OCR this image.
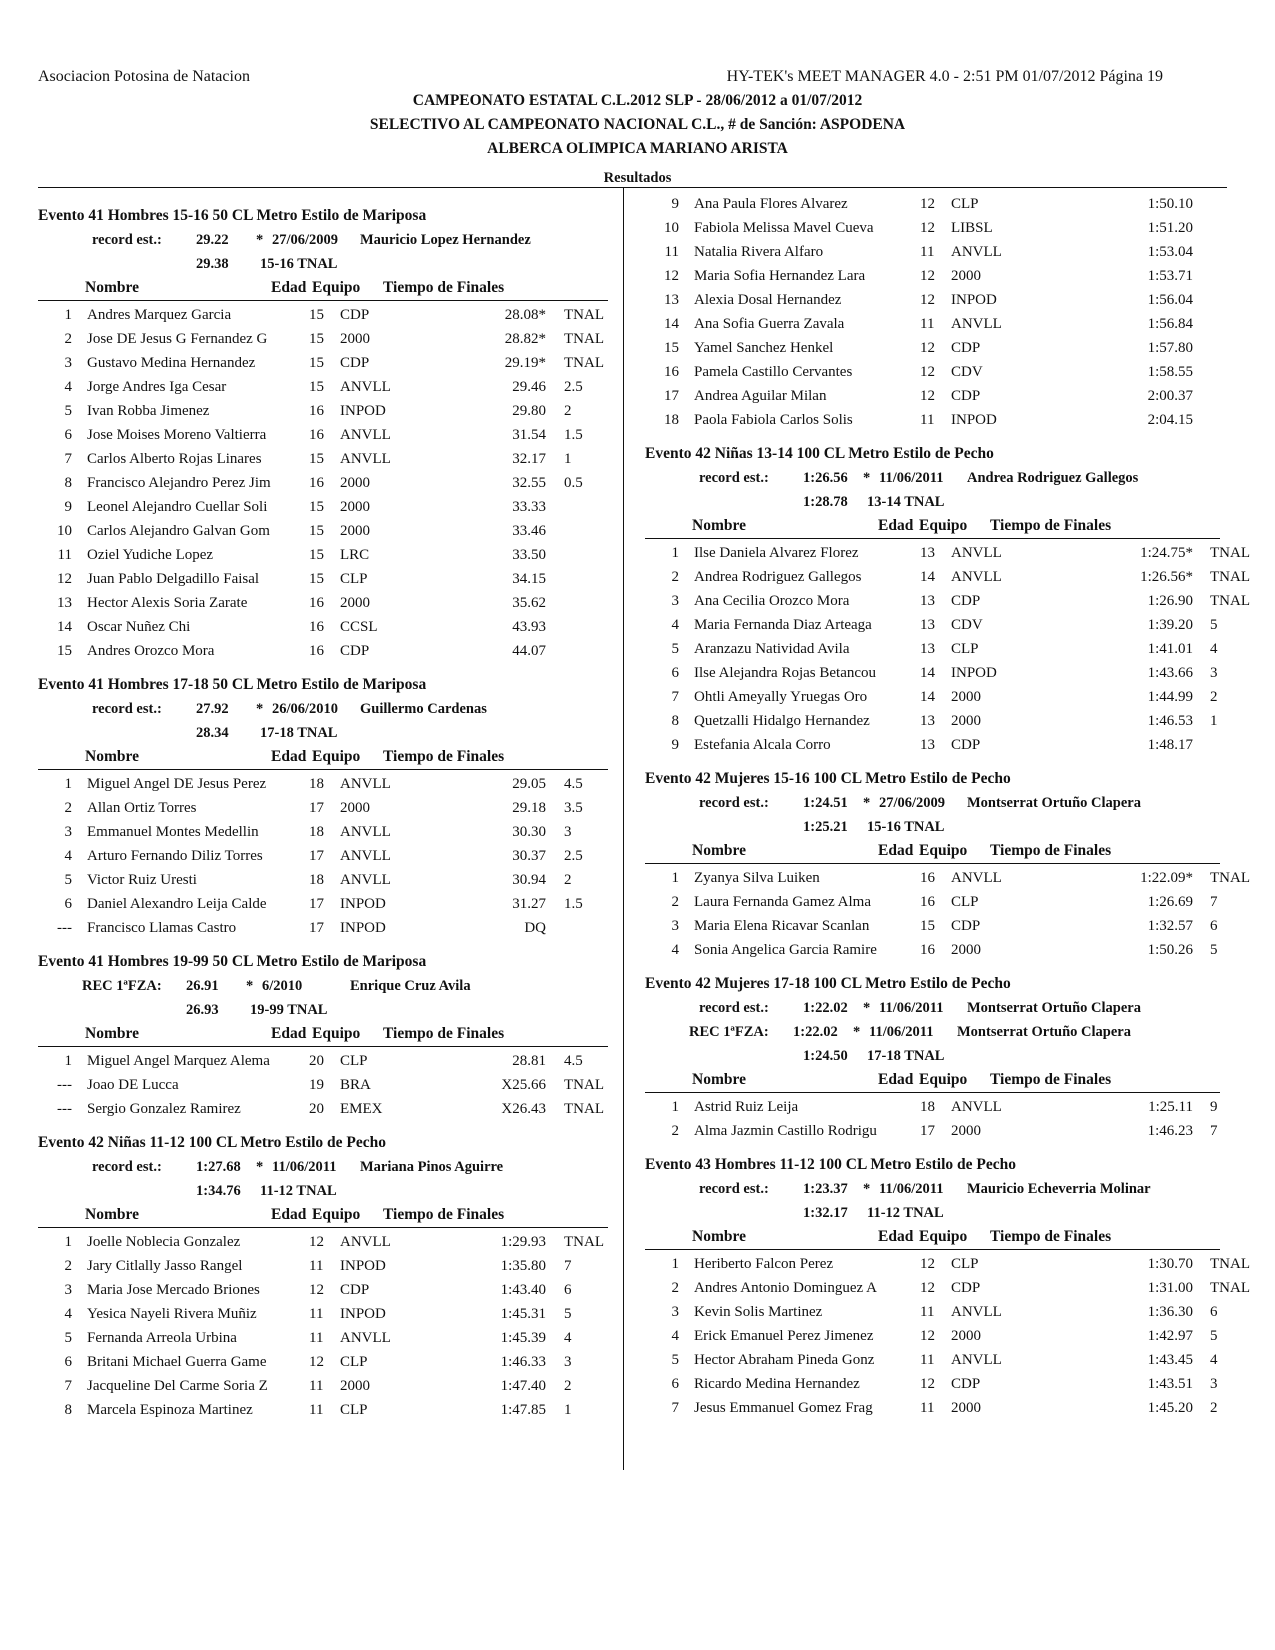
Asociacion Potosina de Natacion	HY-TEK's MEET MANAGER 4.0 - 2:51 PM 01/07/2012 Página 19
CAMPEONATO ESTATAL C.L.2012 SLP - 28/06/2012 a 01/07/2012
SELECTIVO AL CAMPEONATO NACIONAL C.L., # de Sanción: ASPODENA
ALBERCA OLIMPICA MARIANO ARISTA
Resultados
Evento 41 Hombres 15-16 50 CL Metro Estilo de Mariposa
record est.: 29.22 * 27/06/2009 Mauricio Lopez Hernandez
29.38 15-16 TNAL
Nombre	Edad Equipo Tiempo de Finales
1 Andres Marquez Garcia	15 CDP	28.08* TNAL
2 Jose DE Jesus G Fernandez G	15 2000	28.82* TNAL
3 Gustavo Medina Hernandez	15 CDP	29.19* TNAL
4 Jorge Andres Iga Cesar	15 ANVLL	29.46 2.5
5 Ivan Robba Jimenez	16 INPOD	29.80 2
6 Jose Moises Moreno Valtierra	16 ANVLL	31.54 1.5
7 Carlos Alberto Rojas Linares	15 ANVLL	32.17 1
8 Francisco Alejandro Perez Jim	16 2000	32.55 0.5
9 Leonel Alejandro Cuellar Soli	15 2000	33.33
10 Carlos Alejandro Galvan Gom	15 2000	33.46
11 Oziel Yudiche Lopez	15 LRC	33.50
12 Juan Pablo Delgadillo Faisal	15 CLP	34.15
13 Hector Alexis Soria Zarate	16 2000	35.62
14 Oscar Nuñez Chi	16 CCSL	43.93
15 Andres Orozco Mora	16 CDP	44.07
Evento 41 Hombres 17-18 50 CL Metro Estilo de Mariposa
record est.: 27.92 * 26/06/2010 Guillermo Cardenas
28.34 17-18 TNAL
Nombre	Edad Equipo Tiempo de Finales
1 Miguel Angel DE Jesus Perez	18 ANVLL	29.05 4.5
2 Allan Ortiz Torres	17 2000	29.18 3.5
3 Emmanuel Montes Medellin	18 ANVLL	30.30 3
4 Arturo Fernando Diliz Torres	17 ANVLL	30.37 2.5
5 Victor Ruiz Uresti	18 ANVLL	30.94 2
6 Daniel Alexandro Leija Calde	17 INPOD	31.27 1.5
--- Francisco Llamas Castro	17 INPOD	DQ
Evento 41 Hombres 19-99 50 CL Metro Estilo de Mariposa
REC 1ªFZA: 26.91 * 6/2010	Enrique Cruz Avila
26.93 19-99 TNAL
Nombre	Edad Equipo Tiempo de Finales
1 Miguel Angel Marquez Alema	20 CLP	28.81 4.5
--- Joao DE Lucca	19 BRA	X25.66 TNAL
--- Sergio Gonzalez Ramirez	20 EMEX	X26.43 TNAL
Evento 42 Niñas 11-12 100 CL Metro Estilo de Pecho
record est.: 1:27.68 * 11/06/2011 Mariana Pinos Aguirre
1:34.76 11-12 TNAL
Nombre	Edad Equipo Tiempo de Finales
1 Joelle Noblecia Gonzalez	12 ANVLL	1:29.93 TNAL
2 Jary Citlally Jasso Rangel	11 INPOD	1:35.80 7
3 Maria Jose Mercado Briones	12 CDP	1:43.40 6
4 Yesica Nayeli Rivera Muñiz	11 INPOD	1:45.31 5
5 Fernanda Arreola Urbina	11 ANVLL	1:45.39 4
6 Britani Michael Guerra Game	12 CLP	1:46.33 3
7 Jacqueline Del Carme Soria Z	11 2000	1:47.40 2
8 Marcela Espinoza Martinez	11 CLP	1:47.85 1
9 Ana Paula Flores Alvarez	12 CLP	1:50.10
10 Fabiola Melissa Mavel Cueva	12 LIBSL	1:51.20
11 Natalia Rivera Alfaro	11 ANVLL	1:53.04
12 Maria Sofia Hernandez Lara	12 2000	1:53.71
13 Alexia Dosal Hernandez	12 INPOD	1:56.04
14 Ana Sofia Guerra Zavala	11 ANVLL	1:56.84
15 Yamel Sanchez Henkel	12 CDP	1:57.80
16 Pamela Castillo Cervantes	12 CDV	1:58.55
17 Andrea Aguilar Milan	12 CDP	2:00.37
18 Paola Fabiola Carlos Solis	11 INPOD	2:04.15
Evento 42 Niñas 13-14 100 CL Metro Estilo de Pecho
record est.: 1:26.56 * 11/06/2011 Andrea Rodriguez Gallegos
1:28.78 13-14 TNAL
Nombre	Edad Equipo Tiempo de Finales
1 Ilse Daniela Alvarez Florez	13 ANVLL	1:24.75* TNAL
2 Andrea Rodriguez Gallegos	14 ANVLL	1:26.56* TNAL
3 Ana Cecilia Orozco Mora	13 CDP	1:26.90 TNAL
4 Maria Fernanda Diaz Arteaga	13 CDV	1:39.20 5
5 Aranzazu Natividad Avila	13 CLP	1:41.01 4
6 Ilse Alejandra Rojas Betancou	14 INPOD	1:43.66 3
7 Ohtli Ameyally Yruegas Oro	14 2000	1:44.99 2
8 Quetzalli Hidalgo Hernandez	13 2000	1:46.53 1
9 Estefania Alcala Corro	13 CDP	1:48.17
Evento 42 Mujeres 15-16 100 CL Metro Estilo de Pecho
record est.: 1:24.51 * 27/06/2009 Montserrat Ortuño Clapera
1:25.21 15-16 TNAL
Nombre	Edad Equipo Tiempo de Finales
1 Zyanya Silva Luiken	16 ANVLL	1:22.09* TNAL
2 Laura Fernanda Gamez Alma	16 CLP	1:26.69 7
3 Maria Elena Ricavar Scanlan	15 CDP	1:32.57 6
4 Sonia Angelica Garcia Ramire	16 2000	1:50.26 5
Evento 42 Mujeres 17-18 100 CL Metro Estilo de Pecho
record est.: 1:22.02 * 11/06/2011 Montserrat Ortuño Clapera
REC 1ªFZA: 1:22.02 * 11/06/2011 Montserrat Ortuño Clapera
1:24.50 17-18 TNAL
Nombre	Edad Equipo Tiempo de Finales
1 Astrid Ruiz Leija	18 ANVLL	1:25.11 9
2 Alma Jazmin Castillo Rodrigu	17 2000	1:46.23 7
Evento 43 Hombres 11-12 100 CL Metro Estilo de Pecho
record est.: 1:23.37 * 11/06/2011 Mauricio Echeverria Molinar
1:32.17 11-12 TNAL
Nombre	Edad Equipo Tiempo de Finales
1 Heriberto Falcon Perez	12 CLP	1:30.70 TNAL
2 Andres Antonio Dominguez A	12 CDP	1:31.00 TNAL
3 Kevin Solis Martinez	11 ANVLL	1:36.30 6
4 Erick Emanuel Perez Jimenez	12 2000	1:42.97 5
5 Hector Abraham Pineda Gonz	11 ANVLL	1:43.45 4
6 Ricardo Medina Hernandez	12 CDP	1:43.51 3
7 Jesus Emmanuel Gomez Frag	11 2000	1:45.20 2
